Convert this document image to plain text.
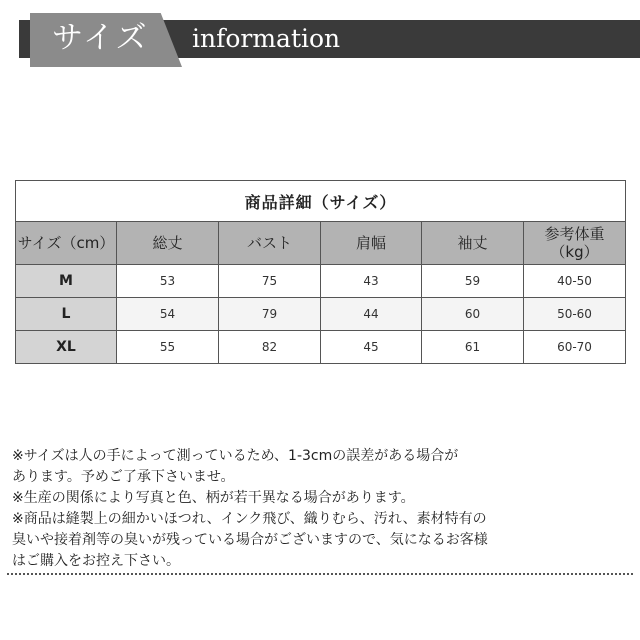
サイズ information
商品詳細（サイズ）					
サイズ（cm）	総丈	バスト	肩幅	袖丈	参考体重
（kg）
M	53	75	43	59	40-50
L	54	79	44	60	50-60
XL	55	82	45	61	60-70

※サイズは人の手によって測っているため、1-3cmの誤差がある場合が

あります。予めご了承下さいませ。

※生産の関係により写真と色、柄が若干異なる場合があります。

※商品は縫製上の細かいほつれ、インク飛び、織りむら、汚れ、素材特有の

臭いや接着剤等の臭いが残っている場合がございますので、気になるお客様

はご購入をお控え下さい。
